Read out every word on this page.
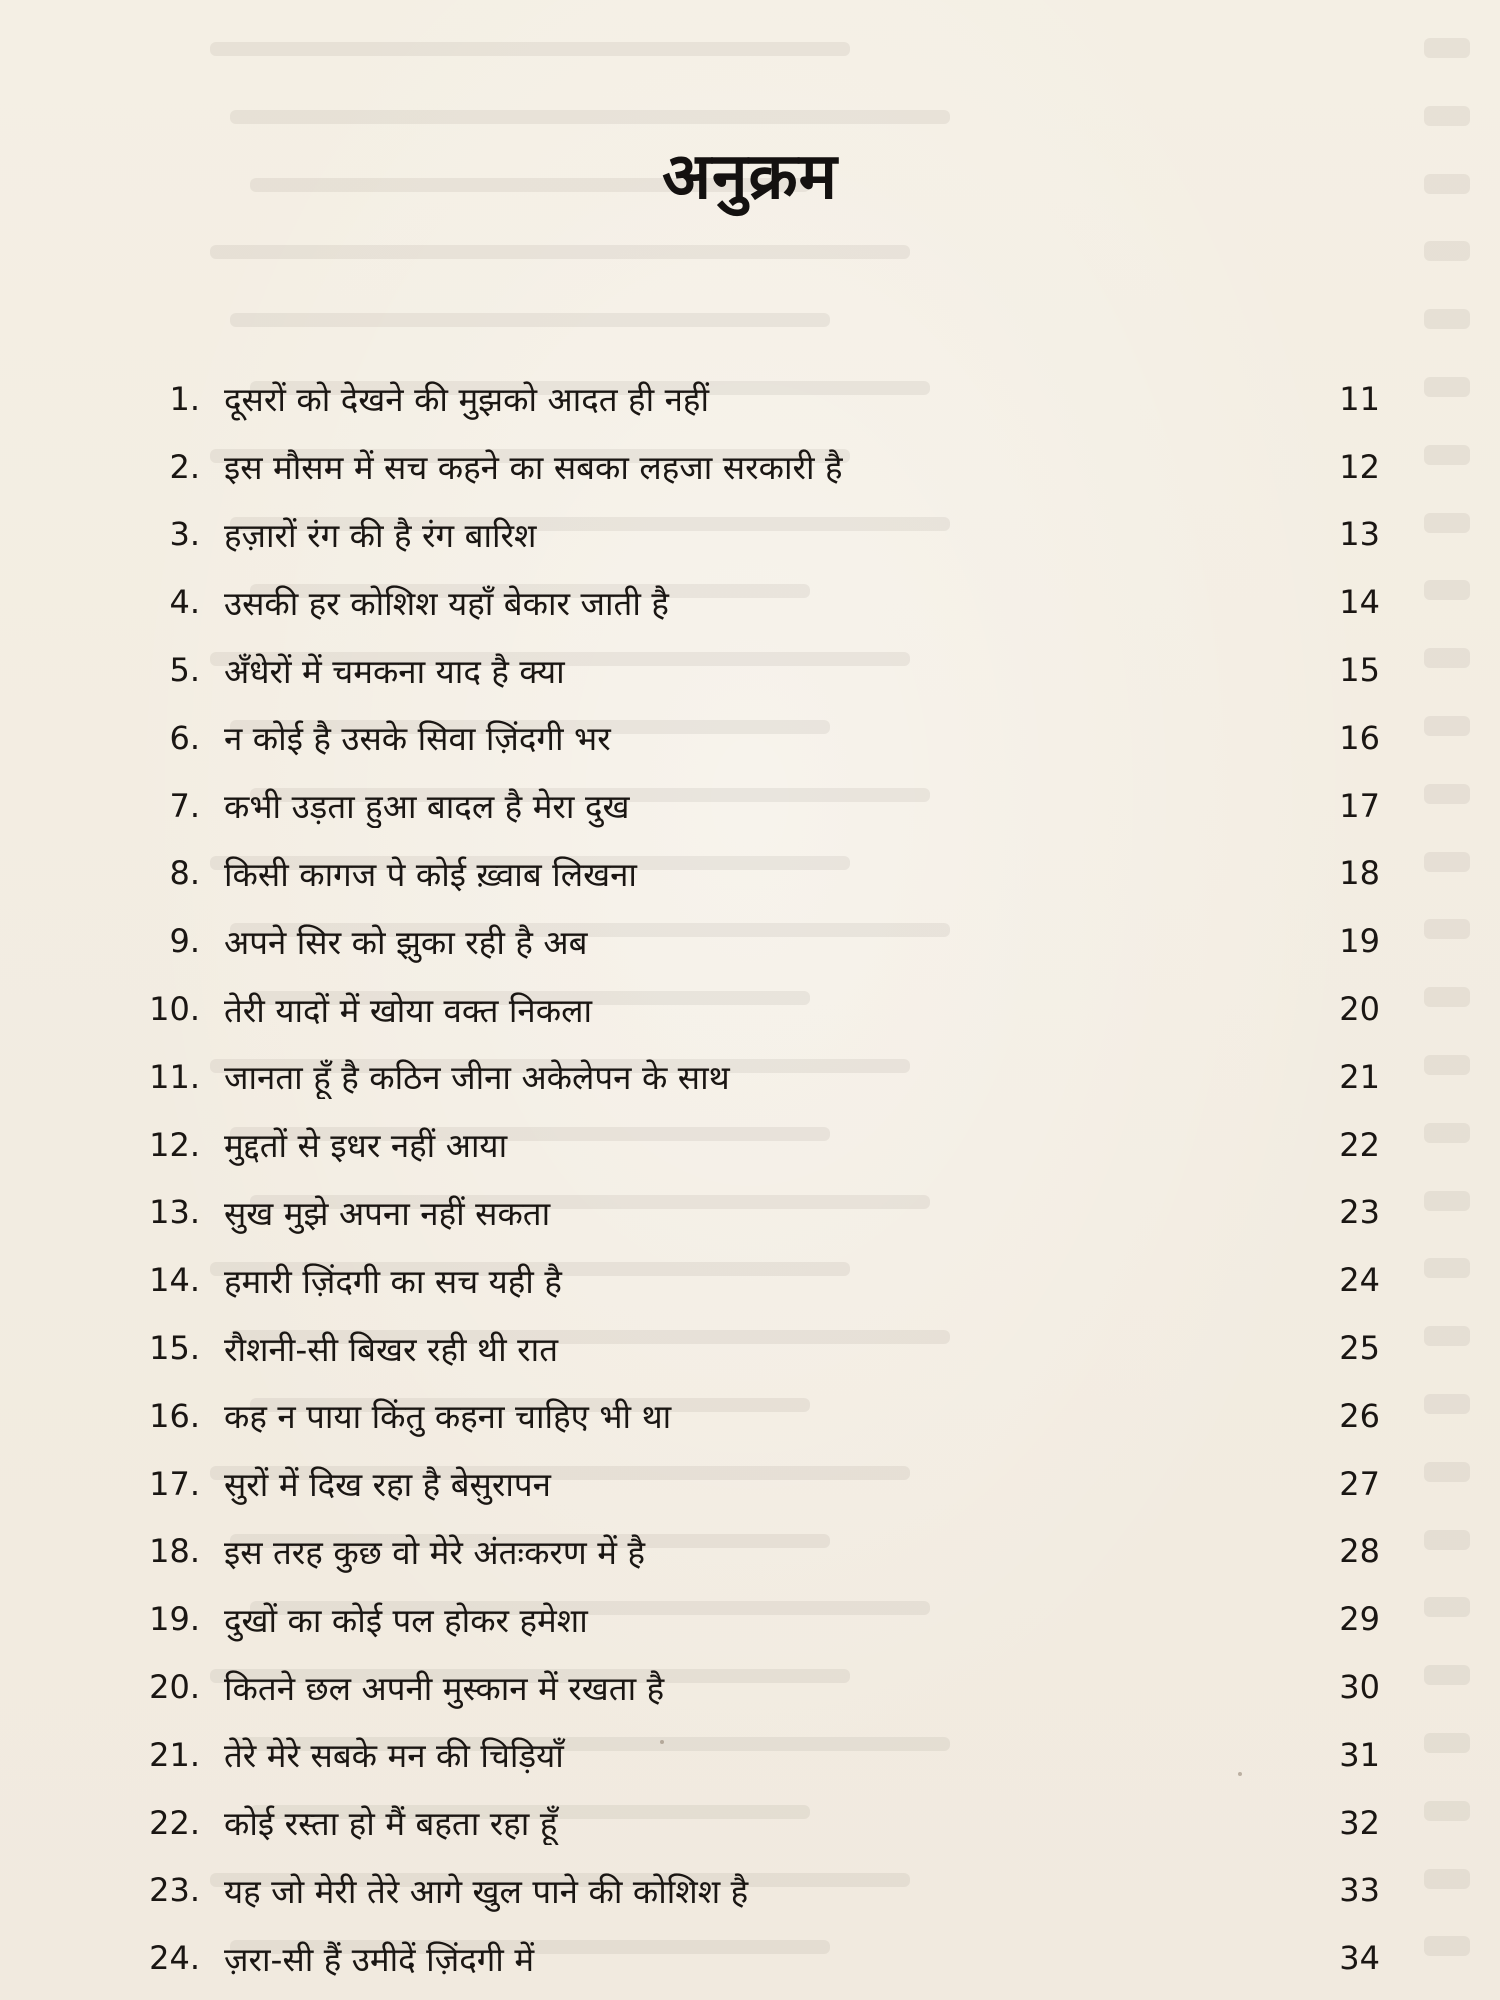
अनुक्रम
1. दूसरों को देखने की मुझको आदत ही नहीं	11
2. इस मौसम में सच कहने का सबका लहजा सरकारी है	12
3. हज़ारों रंग की है रंग बारिश	13
4. उसकी हर कोशिश यहाँ बेकार जाती है	14
5. अँधेरों में चमकना याद है क्या	15
6. न कोई है उसके सिवा ज़िंदगी भर	16
7. कभी उड़ता हुआ बादल है मेरा दुख	17
8. किसी कागज पे कोई ख़्वाब लिखना	18
9. अपने सिर को झुका रही है अब	19
10. तेरी यादों में खोया वक्त निकला	20
11. जानता हूँ है कठिन जीना अकेलेपन के साथ	21
12. मुद्दतों से इधर नहीं आया	22
13. सुख मुझे अपना नहीं सकता	23
14. हमारी ज़िंदगी का सच यही है	24
15. रौशनी-सी बिखर रही थी रात	25
16. कह न पाया किंतु कहना चाहिए भी था	26
17. सुरों में दिख रहा है बेसुरापन	27
18. इस तरह कुछ वो मेरे अंतःकरण में है	28
19. दुखों का कोई पल होकर हमेशा	29
20. कितने छल अपनी मुस्कान में रखता है	30
21. तेरे मेरे सबके मन की चिड़ियाँ	31
22. कोई रस्ता हो मैं बहता रहा हूँ	32
23. यह जो मेरी तेरे आगे खुल पाने की कोशिश है	33
24. ज़रा-सी हैं उमीदें ज़िंदगी में	34
